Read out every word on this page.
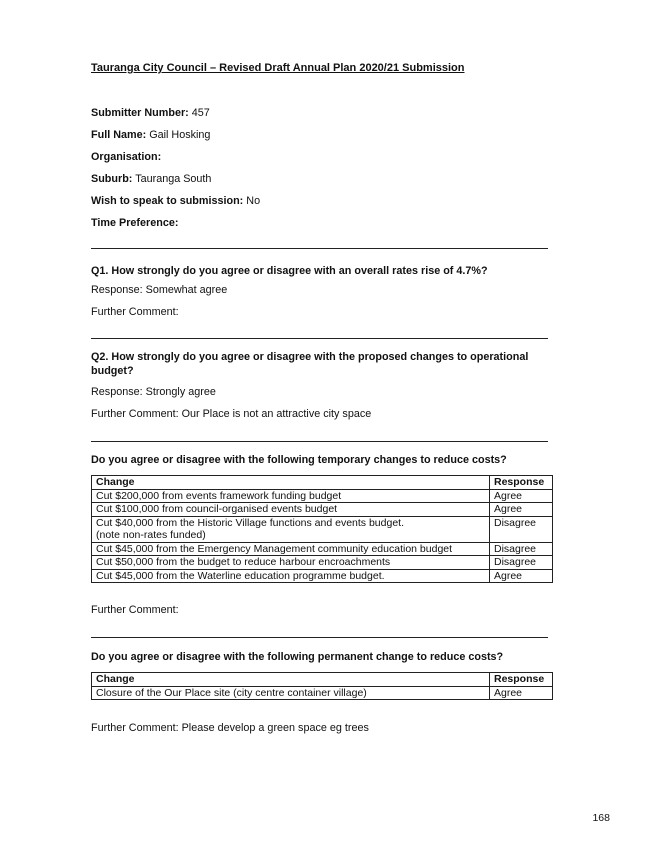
Tauranga City Council – Revised Draft Annual Plan 2020/21 Submission
Submitter Number: 457
Full Name: Gail Hosking
Organisation:
Suburb: Tauranga South
Wish to speak to submission: No
Time Preference:
Q1. How strongly do you agree or disagree with an overall rates rise of 4.7%?
Response: Somewhat agree
Further Comment:
Q2. How strongly do you agree or disagree with the proposed changes to operational budget?
Response: Strongly agree
Further Comment: Our Place is not an attractive city space
Do you agree or disagree with the following temporary changes to reduce costs?
Change	Response
Cut $200,000 from events framework funding budget	Agree
Cut $100,000 from council-organised events budget	Agree
Cut $40,000 from the Historic Village functions and events budget.
(note non-rates funded)	Disagree
Cut $45,000 from the Emergency Management community education budget	Disagree
Cut $50,000 from the budget to reduce harbour encroachments	Disagree
Cut $45,000 from the Waterline education programme budget.	Agree
Further Comment:
Do you agree or disagree with the following permanent change to reduce costs?
Change	Response
Closure of the Our Place site (city centre container village)	Agree
Further Comment: Please develop a green space eg trees
168
